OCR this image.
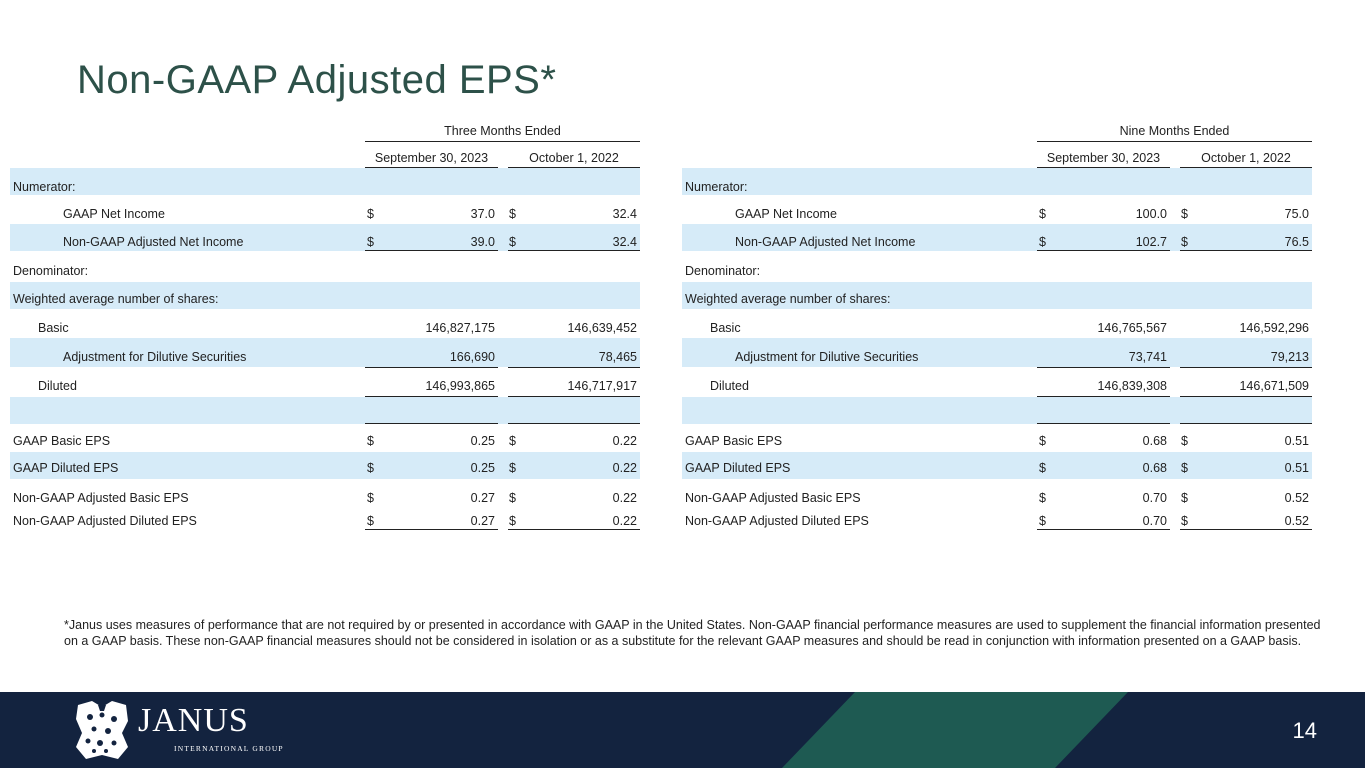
Non-GAAP Adjusted EPS*
Three Months Ended
September 30, 2023	October 1, 2022
Numerator:
GAAP Net Income	$	37.0 $	32.4
Non-GAAP Adjusted Net Income	$	39.0 $	32.4
Denominator:
Weighted average number of shares:
Basic	146,827,175	146,639,452
Adjustment for Dilutive Securities	166,690	78,465
Diluted	146,993,865	146,717,917
GAAP Basic EPS	$	0.25 $	0.22
GAAP Diluted EPS	$	0.25 $	0.22
Non-GAAP Adjusted Basic EPS	$	0.27 $	0.22
Non-GAAP Adjusted Diluted EPS	$	0.27 $	0.22
Nine Months Ended
September 30, 2023	October 1, 2022
Numerator:
GAAP Net Income	$	100.0 $	75.0
Non-GAAP Adjusted Net Income	$	102.7 $	76.5
Denominator:
Weighted average number of shares:
Basic	146,765,567	146,592,296
Adjustment for Dilutive Securities	73,741	79,213
Diluted	146,839,308	146,671,509
GAAP Basic EPS	$	0.68 $	0.51
GAAP Diluted EPS	$	0.68 $	0.51
Non-GAAP Adjusted Basic EPS	$	0.70 $	0.52
Non-GAAP Adjusted Diluted EPS	$	0.70 $	0.52
*Janus uses measures of performance that are not required by or presented in accordance with GAAP in the United States. Non-GAAP financial performance measures are used to supplement the financial information presented on a GAAP basis. These non-GAAP financial measures should not be considered in isolation or as a substitute for the relevant GAAP measures and should be read in conjunction with information presented on a GAAP basis.
JANUS
INTERNATIONAL GROUP
14
